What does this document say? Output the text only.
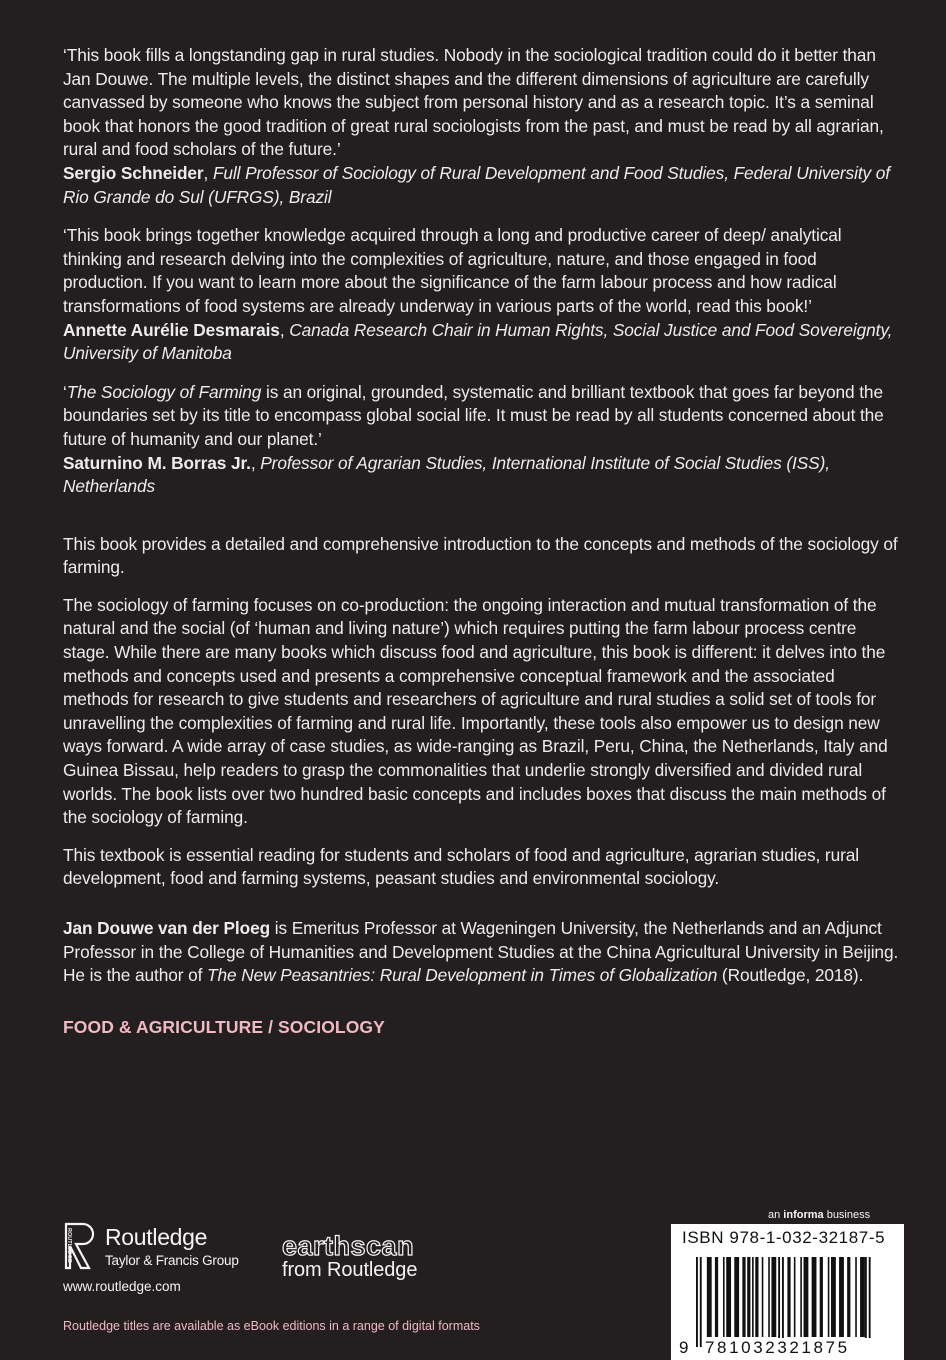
‘This book fills a longstanding gap in rural studies. Nobody in the sociological tradition could do it better than Jan Douwe. The multiple levels, the distinct shapes and the different dimensions of agriculture are carefully canvassed by someone who knows the subject from personal history and as a research topic. It’s a seminal book that honors the good tradition of great rural sociologists from the past, and must be read by all agrarian, rural and food scholars of the future.’
Sergio Schneider, Full Professor of Sociology of Rural Development and Food Studies, Federal University of Rio Grande do Sul (UFRGS), Brazil

‘This book brings together knowledge acquired through a long and productive career of deep/ analytical thinking and research delving into the complexities of agriculture, nature, and those engaged in food production. If you want to learn more about the significance of the farm labour process and how radical transformations of food systems are already underway in various parts of the world, read this book!’
Annette Aurélie Desmarais, Canada Research Chair in Human Rights, Social Justice and Food Sovereignty, University of Manitoba

‘The Sociology of Farming is an original, grounded, systematic and brilliant textbook that goes far beyond the boundaries set by its title to encompass global social life. It must be read by all students concerned about the future of humanity and our planet.’
Saturnino M. Borras Jr., Professor of Agrarian Studies, International Institute of Social Studies (ISS), Netherlands

This book provides a detailed and comprehensive introduction to the concepts and methods of the sociology of farming.

The sociology of farming focuses on co-production: the ongoing interaction and mutual transformation of the natural and the social (of ‘human and living nature’) which requires putting the farm labour process centre stage. While there are many books which discuss food and agriculture, this book is different: it delves into the methods and concepts used and presents a comprehensive conceptual framework and the associated methods for research to give students and researchers of agriculture and rural studies a solid set of tools for unravelling the complexities of farming and rural life. Importantly, these tools also empower us to design new ways forward. A wide array of case studies, as wide-ranging as Brazil, Peru, China, the Netherlands, Italy and Guinea Bissau, help readers to grasp the commonalities that underlie strongly diversified and divided rural worlds. The book lists over two hundred basic concepts and includes boxes that discuss the main methods of the sociology of farming.

This textbook is essential reading for students and scholars of food and agriculture, agrarian studies, rural development, food and farming systems, peasant studies and environmental sociology.

Jan Douwe van der Ploeg is Emeritus Professor at Wageningen University, the Netherlands and an Adjunct Professor in the College of Humanities and Development Studies at the China Agricultural University in Beijing. He is the author of The New Peasantries: Rural Development in Times of Globalization (Routledge, 2018).

FOOD & AGRICULTURE / SOCIOLOGY

ROUTLEDGE Routledge
Taylor & Francis Group
www.routledge.com
earthscan
from Routledge
an informa business
ISBN 978-1-032-32187-5
9 781032321875
Routledge titles are available as eBook editions in a range of digital formats
